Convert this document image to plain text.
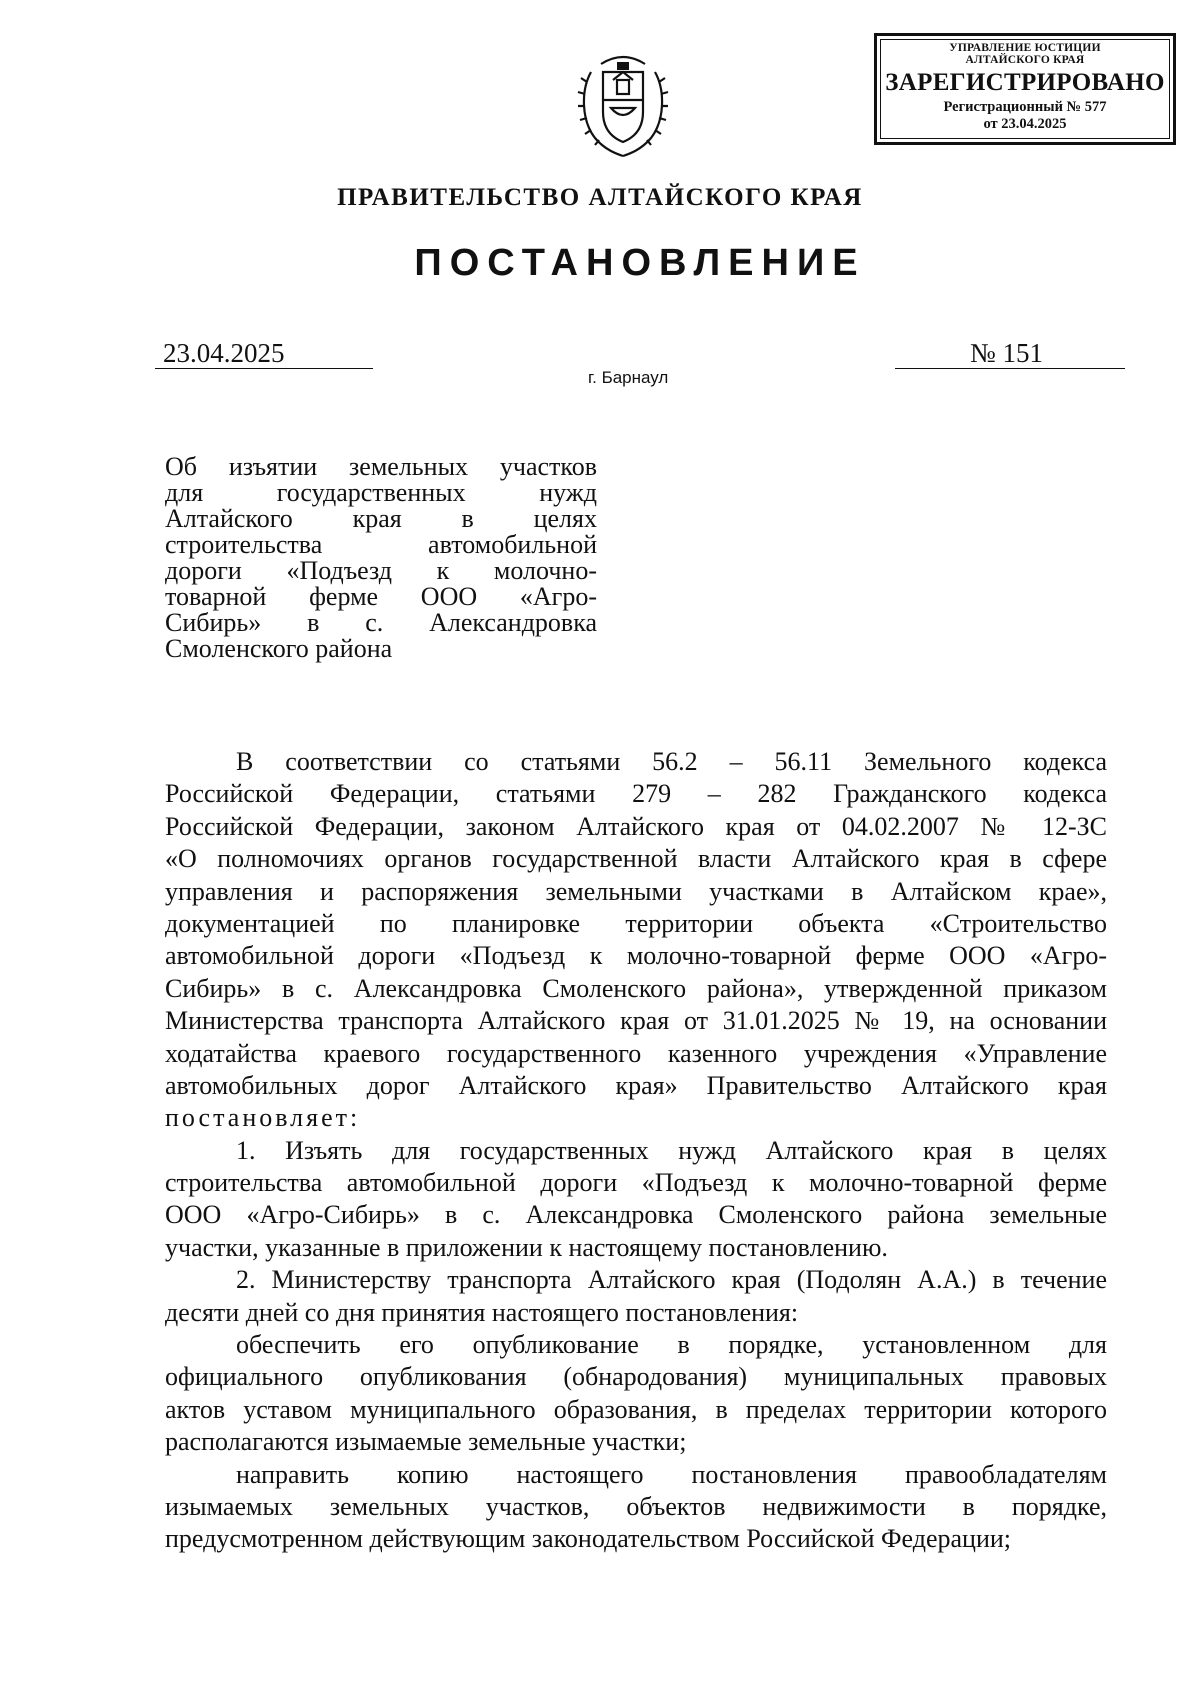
УПРАВЛЕНИЕ ЮСТИЦИИ
АЛТАЙСКОГО КРАЯ
ЗАРЕГИСТРИРОВАНО
Регистрационный № 577
от 23.04.2025
ПРАВИТЕЛЬСТВО АЛТАЙСКОГО КРАЯ
ПОСТАНОВЛЕНИЕ
23.04.2025	№ 151
г. Барнаул
Об изъятии земельных участков
для государственных нужд
Алтайского края в целях
строительства автомобильной
дороги «Подъезд к молочно-
товарной ферме ООО «Агро-
Сибирь» в с. Александровка
Смоленского района
В соответствии со статьями 56.2 – 56.11 Земельного кодекса
Российской Федерации, статьями 279 – 282 Гражданского кодекса
Российской Федерации, законом Алтайского края от 04.02.2007 № 12-ЗС
«О полномочиях органов государственной власти Алтайского края в сфере
управления и распоряжения земельными участками в Алтайском крае»,
документацией по планировке территории объекта «Строительство
автомобильной дороги «Подъезд к молочно-товарной ферме ООО «Агро-
Сибирь» в с. Александровка Смоленского района», утвержденной приказом
Министерства транспорта Алтайского края от 31.01.2025 № 19, на основании
ходатайства краевого государственного казенного учреждения «Управление
автомобильных дорог Алтайского края» Правительство Алтайского края
постановляет:
1. Изъять для государственных нужд Алтайского края в целях
строительства автомобильной дороги «Подъезд к молочно-товарной ферме
ООО «Агро-Сибирь» в с. Александровка Смоленского района земельные
участки, указанные в приложении к настоящему постановлению.
2. Министерству транспорта Алтайского края (Подолян А.А.) в течение
десяти дней со дня принятия настоящего постановления:
обеспечить его опубликование в порядке, установленном для
официального опубликования (обнародования) муниципальных правовых
актов уставом муниципального образования, в пределах территории которого
располагаются изымаемые земельные участки;
направить копию настоящего постановления правообладателям
изымаемых земельных участков, объектов недвижимости в порядке,
предусмотренном действующим законодательством Российской Федерации;
